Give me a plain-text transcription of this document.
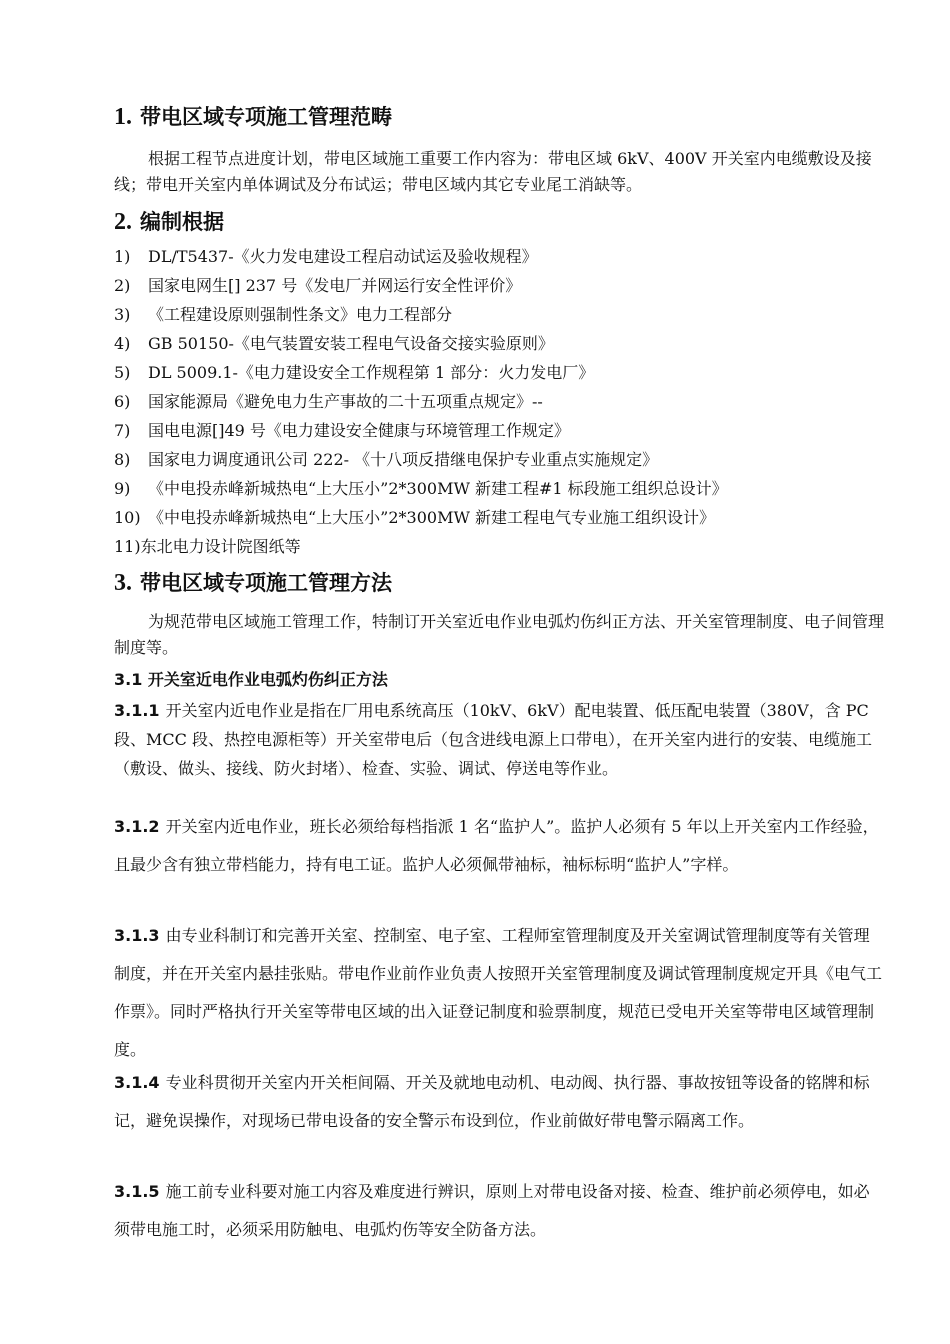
1. 带电区域专项施工管理范畴

根据工程节点进度计划，带电区域施工重要工作内容为：带电区域 6kV、400V 开关室内电缆敷设及接线；带电开关室内单体调试及分布试运；带电区域内其它专业尾工消缺等。

2. 编制根据
1) DL/T5437-《火力发电建设工程启动试运及验收规程》
2) 国家电网生[] 237 号《发电厂并网运行安全性评价》
3) 《工程建设原则强制性条文》电力工程部分
4) GB 50150-《电气装置安装工程电气设备交接实验原则》
5) DL 5009.1-《电力建设安全工作规程第 1 部分：火力发电厂》
6) 国家能源局《避免电力生产事故的二十五项重点规定》--
7) 国电电源[]49 号《电力建设安全健康与环境管理工作规定》
8) 国家电力调度通讯公司 222- 《十八项反措继电保护专业重点实施规定》
9) 《中电投赤峰新城热电“上大压小”2*300MW 新建工程#1 标段施工组织总设计》
10) 《中电投赤峰新城热电“上大压小”2*300MW 新建工程电气专业施工组织设计》
11)东北电力设计院图纸等
3. 带电区域专项施工管理方法

为规范带电区域施工管理工作，特制订开关室近电作业电弧灼伤纠正方法、开关室管理制度、电子间管理制度等。

3.1 开关室近电作业电弧灼伤纠正方法

3.1.1 开关室内近电作业是指在厂用电系统高压（10kV、6kV）配电装置、低压配电装置（380V，含 PC 段、MCC 段、热控电源柜等）开关室带电后（包含进线电源上口带电），在开关室内进行的安装、电缆施工（敷设、做头、接线、防火封堵）、检查、实验、调试、停送电等作业。

3.1.2 开关室内近电作业，班长必须给每档指派 1 名“监护人”。监护人必须有 5 年以上开关室内工作经验，且最少含有独立带档能力，持有电工证。监护人必须佩带袖标，袖标标明“监护人”字样。

3.1.3 由专业科制订和完善开关室、控制室、电子室、工程师室管理制度及开关室调试管理制度等有关管理制度，并在开关室内悬挂张贴。带电作业前作业负责人按照开关室管理制度及调试管理制度规定开具《电气工作票》。同时严格执行开关室等带电区域的出入证登记制度和验票制度，规范已受电开关室等带电区域管理制度。

3.1.4 专业科贯彻开关室内开关柜间隔、开关及就地电动机、电动阀、执行器、事故按钮等设备的铭牌和标记，避免误操作，对现场已带电设备的安全警示布设到位，作业前做好带电警示隔离工作。

3.1.5 施工前专业科要对施工内容及难度进行辨识，原则上对带电设备对接、检查、维护前必须停电，如必须带电施工时，必须采用防触电、电弧灼伤等安全防备方法。
